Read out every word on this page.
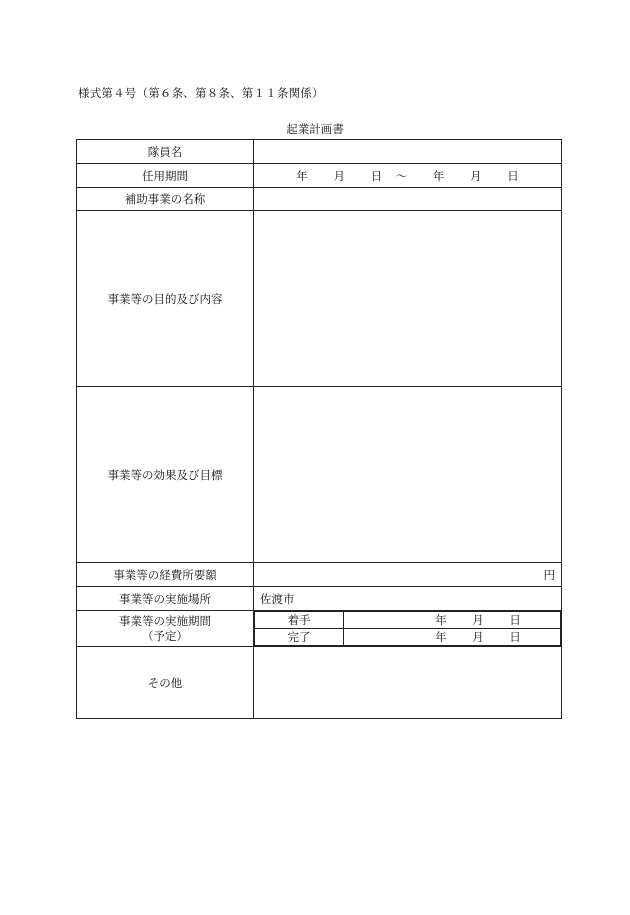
様式第４号（第６条、第８条、第１１条関係）
起業計画書
隊員名	
任用期間	年 月 日 〜 年 月 日
補助事業の名称	
事業等の目的及び内容	
事業等の効果及び目標	
事業等の経費所要額	円
事業等の実施場所	佐渡市

事業等の実施期間
（予定）

着手	年 月 日
完了	年 月 日

その他	
